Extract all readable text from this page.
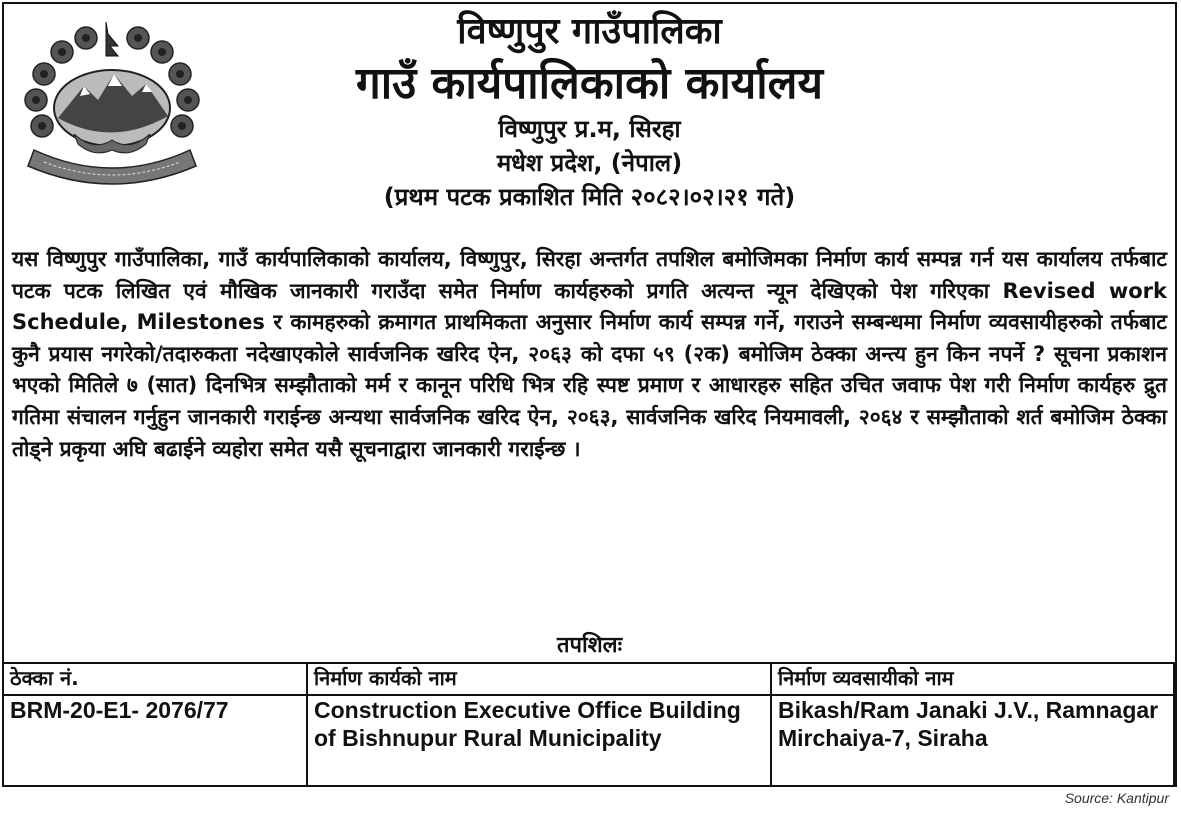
विष्णुपुर गाउँपालिका
गाउँ कार्यपालिकाको कार्यालय
विष्णुपुर प्र.म, सिरहा
मधेश प्रदेश, (नेपाल)
(प्रथम पटक प्रकाशित मिति २०८२।०२।२१ गते)
यस विष्णुपुर गाउँपालिका, गाउँ कार्यपालिकाको कार्यालय, विष्णुपुर, सिरहा अन्तर्गत तपशिल बमोजिमका निर्माण कार्य सम्पन्न गर्न यस कार्यालय तर्फबाट पटक पटक लिखित एवं मौखिक जानकारी गराउँदा समेत निर्माण कार्यहरुको प्रगति अत्यन्त न्यून देखिएको पेश गरिएका Revised work Schedule, Milestones र कामहरुको क्रमागत प्राथमिकता अनुसार निर्माण कार्य सम्पन्न गर्ने, गराउने सम्बन्धमा निर्माण व्यवसायीहरुको तर्फबाट कुनै प्रयास नगरेको/तदारुकता नदेखाएकोले सार्वजनिक खरिद ऐन, २०६३ को दफा ५९ (२क) बमोजिम ठेक्का अन्त्य हुन किन नपर्ने ? सूचना प्रकाशन भएको मितिले ७ (सात) दिनभित्र सम्झौताको मर्म र कानून परिधि भित्र रहि स्पष्ट प्रमाण र आधारहरु सहित उचित जवाफ पेश गरी निर्माण कार्यहरु द्रुत गतिमा संचालन गर्नुहुन जानकारी गराईन्छ अन्यथा सार्वजनिक खरिद ऐन, २०६३, सार्वजनिक खरिद नियमावली, २०६४ र सम्झौताको शर्त बमोजिम ठेक्का तोड्ने प्रकृया अघि बढाईने व्यहोरा समेत यसै सूचनाद्वारा जानकारी गराईन्छ ।
तपशिलः
ठेक्का नं.	निर्माण कार्यको नाम	निर्माण व्यवसायीको नाम
BRM-20-E1- 2076/77	Construction Executive Office Building of Bishnupur Rural Municipality	Bikash/Ram Janaki J.V., Ramnagar Mirchaiya-7, Siraha
Source: Kantipur
